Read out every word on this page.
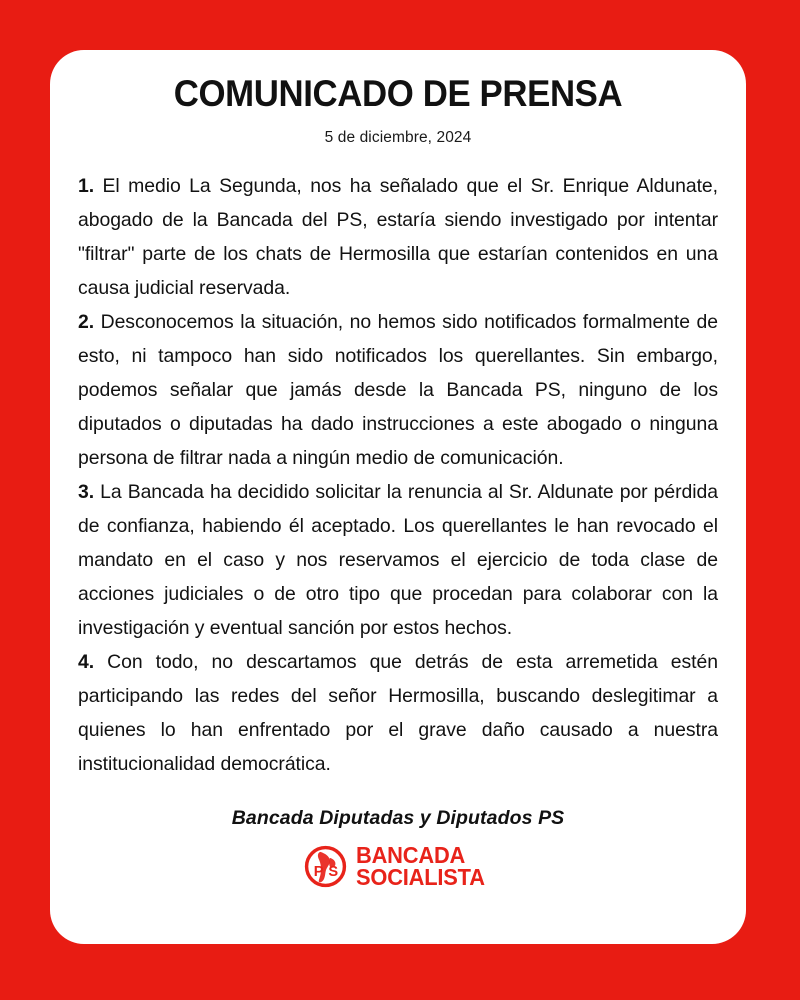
COMUNICADO DE PRENSA

5 de diciembre, 2024

1. El medio La Segunda, nos ha señalado que el Sr. Enrique Aldunate, abogado de la Bancada del PS, estaría siendo investigado por intentar "filtrar" parte de los chats de Hermosilla que estarían contenidos en una causa judicial reservada.

2. Desconocemos la situación, no hemos sido notificados formalmente de esto, ni tampoco han sido notificados los querellantes. Sin embargo, podemos señalar que jamás desde la Bancada PS, ninguno de los diputados o diputadas ha dado instrucciones a este abogado o ninguna persona de filtrar nada a ningún medio de comunicación.

3. La Bancada ha decidido solicitar la renuncia al Sr. Aldunate por pérdida de confianza, habiendo él aceptado. Los querellantes le han revocado el mandato en el caso y nos reservamos el ejercicio de toda clase de acciones judiciales o de otro tipo que procedan para colaborar con la investigación y eventual sanción por estos hechos.

4. Con todo, no descartamos que detrás de esta arremetida estén participando las redes del señor Hermosilla, buscando deslegitimar a quienes lo han enfrentado por el grave daño causado a nuestra institucionalidad democrática.

Bancada Diputadas y Diputados PS

P S
BANCADA
SOCIALISTA
